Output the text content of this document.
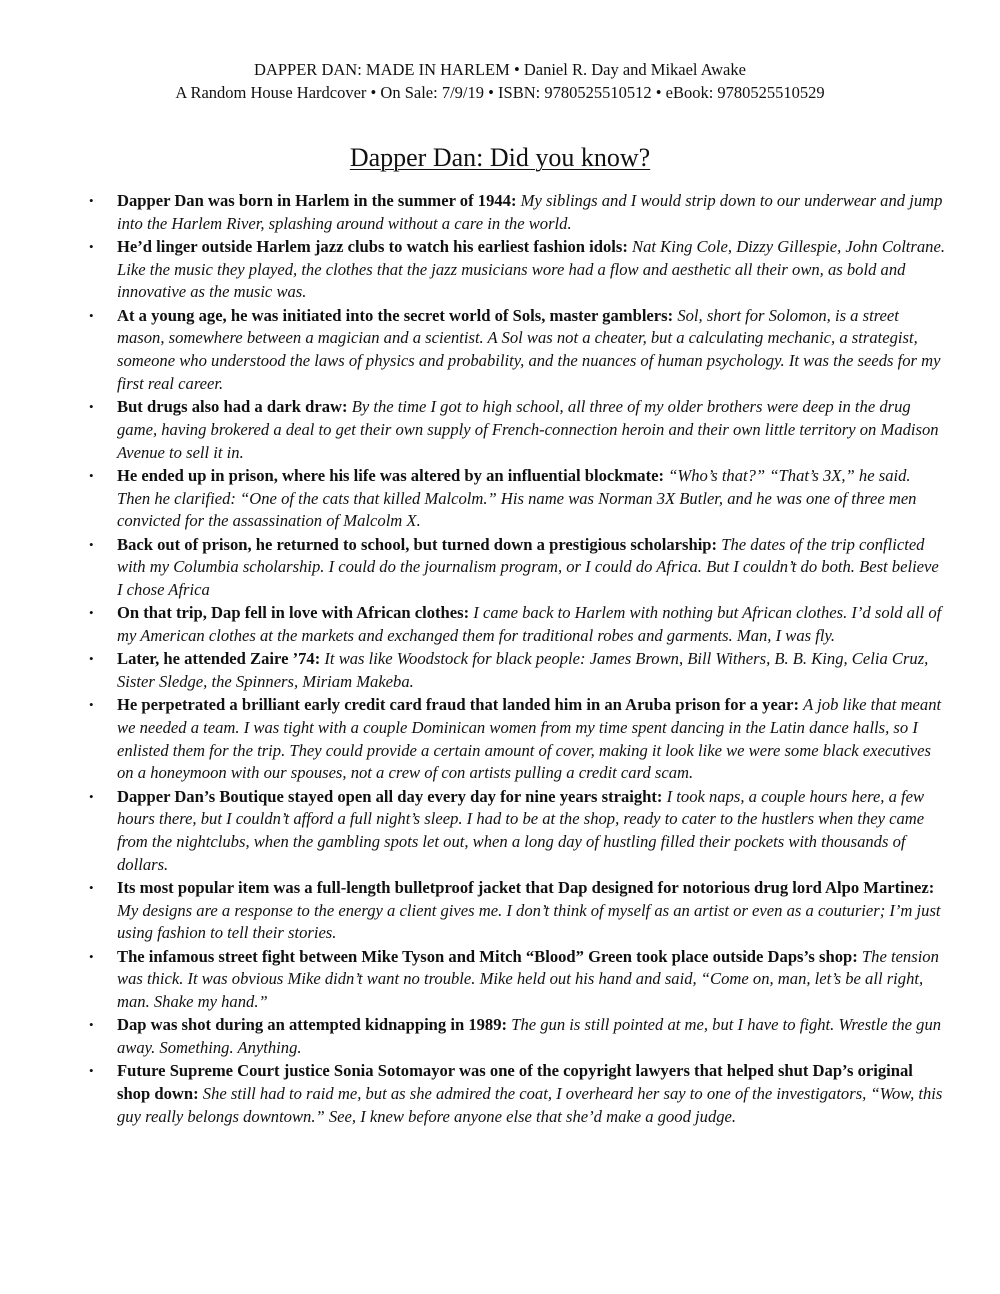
DAPPER DAN: MADE IN HARLEM • Daniel R. Day and Mikael Awake
A Random House Hardcover • On Sale: 7/9/19 • ISBN: 9780525510512 • eBook: 9780525510529
Dapper Dan: Did you know?
• Dapper Dan was born in Harlem in the summer of 1944: My siblings and I would strip down to our underwear and jump into the Harlem River, splashing around without a care in the world.
• He’d linger outside Harlem jazz clubs to watch his earliest fashion idols: Nat King Cole, Dizzy Gillespie, John Coltrane. Like the music they played, the clothes that the jazz musicians wore had a flow and aesthetic all their own, as bold and innovative as the music was.
• At a young age, he was initiated into the secret world of Sols, master gamblers: Sol, short for Solomon, is a street mason, somewhere between a magician and a scientist. A Sol was not a cheater, but a calculating mechanic, a strategist, someone who understood the laws of physics and probability, and the nuances of human psychology. It was the seeds for my first real career.
• But drugs also had a dark draw: By the time I got to high school, all three of my older brothers were deep in the drug game, having brokered a deal to get their own supply of French-connection heroin and their own little territory on Madison Avenue to sell it in.
• He ended up in prison, where his life was altered by an influential blockmate: “Who’s that?” “That’s 3X,” he said. Then he clarified: “One of the cats that killed Malcolm.” His name was Norman 3X Butler, and he was one of three men convicted for the assassination of Malcolm X.
• Back out of prison, he returned to school, but turned down a prestigious scholarship: The dates of the trip conflicted with my Columbia scholarship. I could do the journalism program, or I could do Africa. But I couldn’t do both. Best believe I chose Africa
• On that trip, Dap fell in love with African clothes: I came back to Harlem with nothing but African clothes. I’d sold all of my American clothes at the markets and exchanged them for traditional robes and garments. Man, I was fly.
• Later, he attended Zaire ’74: It was like Woodstock for black people: James Brown, Bill Withers, B. B. King, Celia Cruz, Sister Sledge, the Spinners, Miriam Makeba.
• He perpetrated a brilliant early credit card fraud that landed him in an Aruba prison for a year: A job like that meant we needed a team. I was tight with a couple Dominican women from my time spent dancing in the Latin dance halls, so I enlisted them for the trip. They could provide a certain amount of cover, making it look like we were some black executives on a honeymoon with our spouses, not a crew of con artists pulling a credit card scam.
• Dapper Dan’s Boutique stayed open all day every day for nine years straight: I took naps, a couple hours here, a few hours there, but I couldn’t afford a full night’s sleep. I had to be at the shop, ready to cater to the hustlers when they came from the nightclubs, when the gambling spots let out, when a long day of hustling filled their pockets with thousands of dollars.
• Its most popular item was a full-length bulletproof jacket that Dap designed for notorious drug lord Alpo Martinez: My designs are a response to the energy a client gives me. I don’t think of myself as an artist or even as a couturier; I’m just using fashion to tell their stories.
• The infamous street fight between Mike Tyson and Mitch “Blood” Green took place outside Daps’s shop: The tension was thick. It was obvious Mike didn’t want no trouble. Mike held out his hand and said, “Come on, man, let’s be all right, man. Shake my hand.”
• Dap was shot during an attempted kidnapping in 1989: The gun is still pointed at me, but I have to fight. Wrestle the gun away. Something. Anything.
• Future Supreme Court justice Sonia Sotomayor was one of the copyright lawyers that helped shut Dap’s original shop down: She still had to raid me, but as she admired the coat, I overheard her say to one of the investigators, “Wow, this guy really belongs downtown.” See, I knew before anyone else that she’d make a good judge.
